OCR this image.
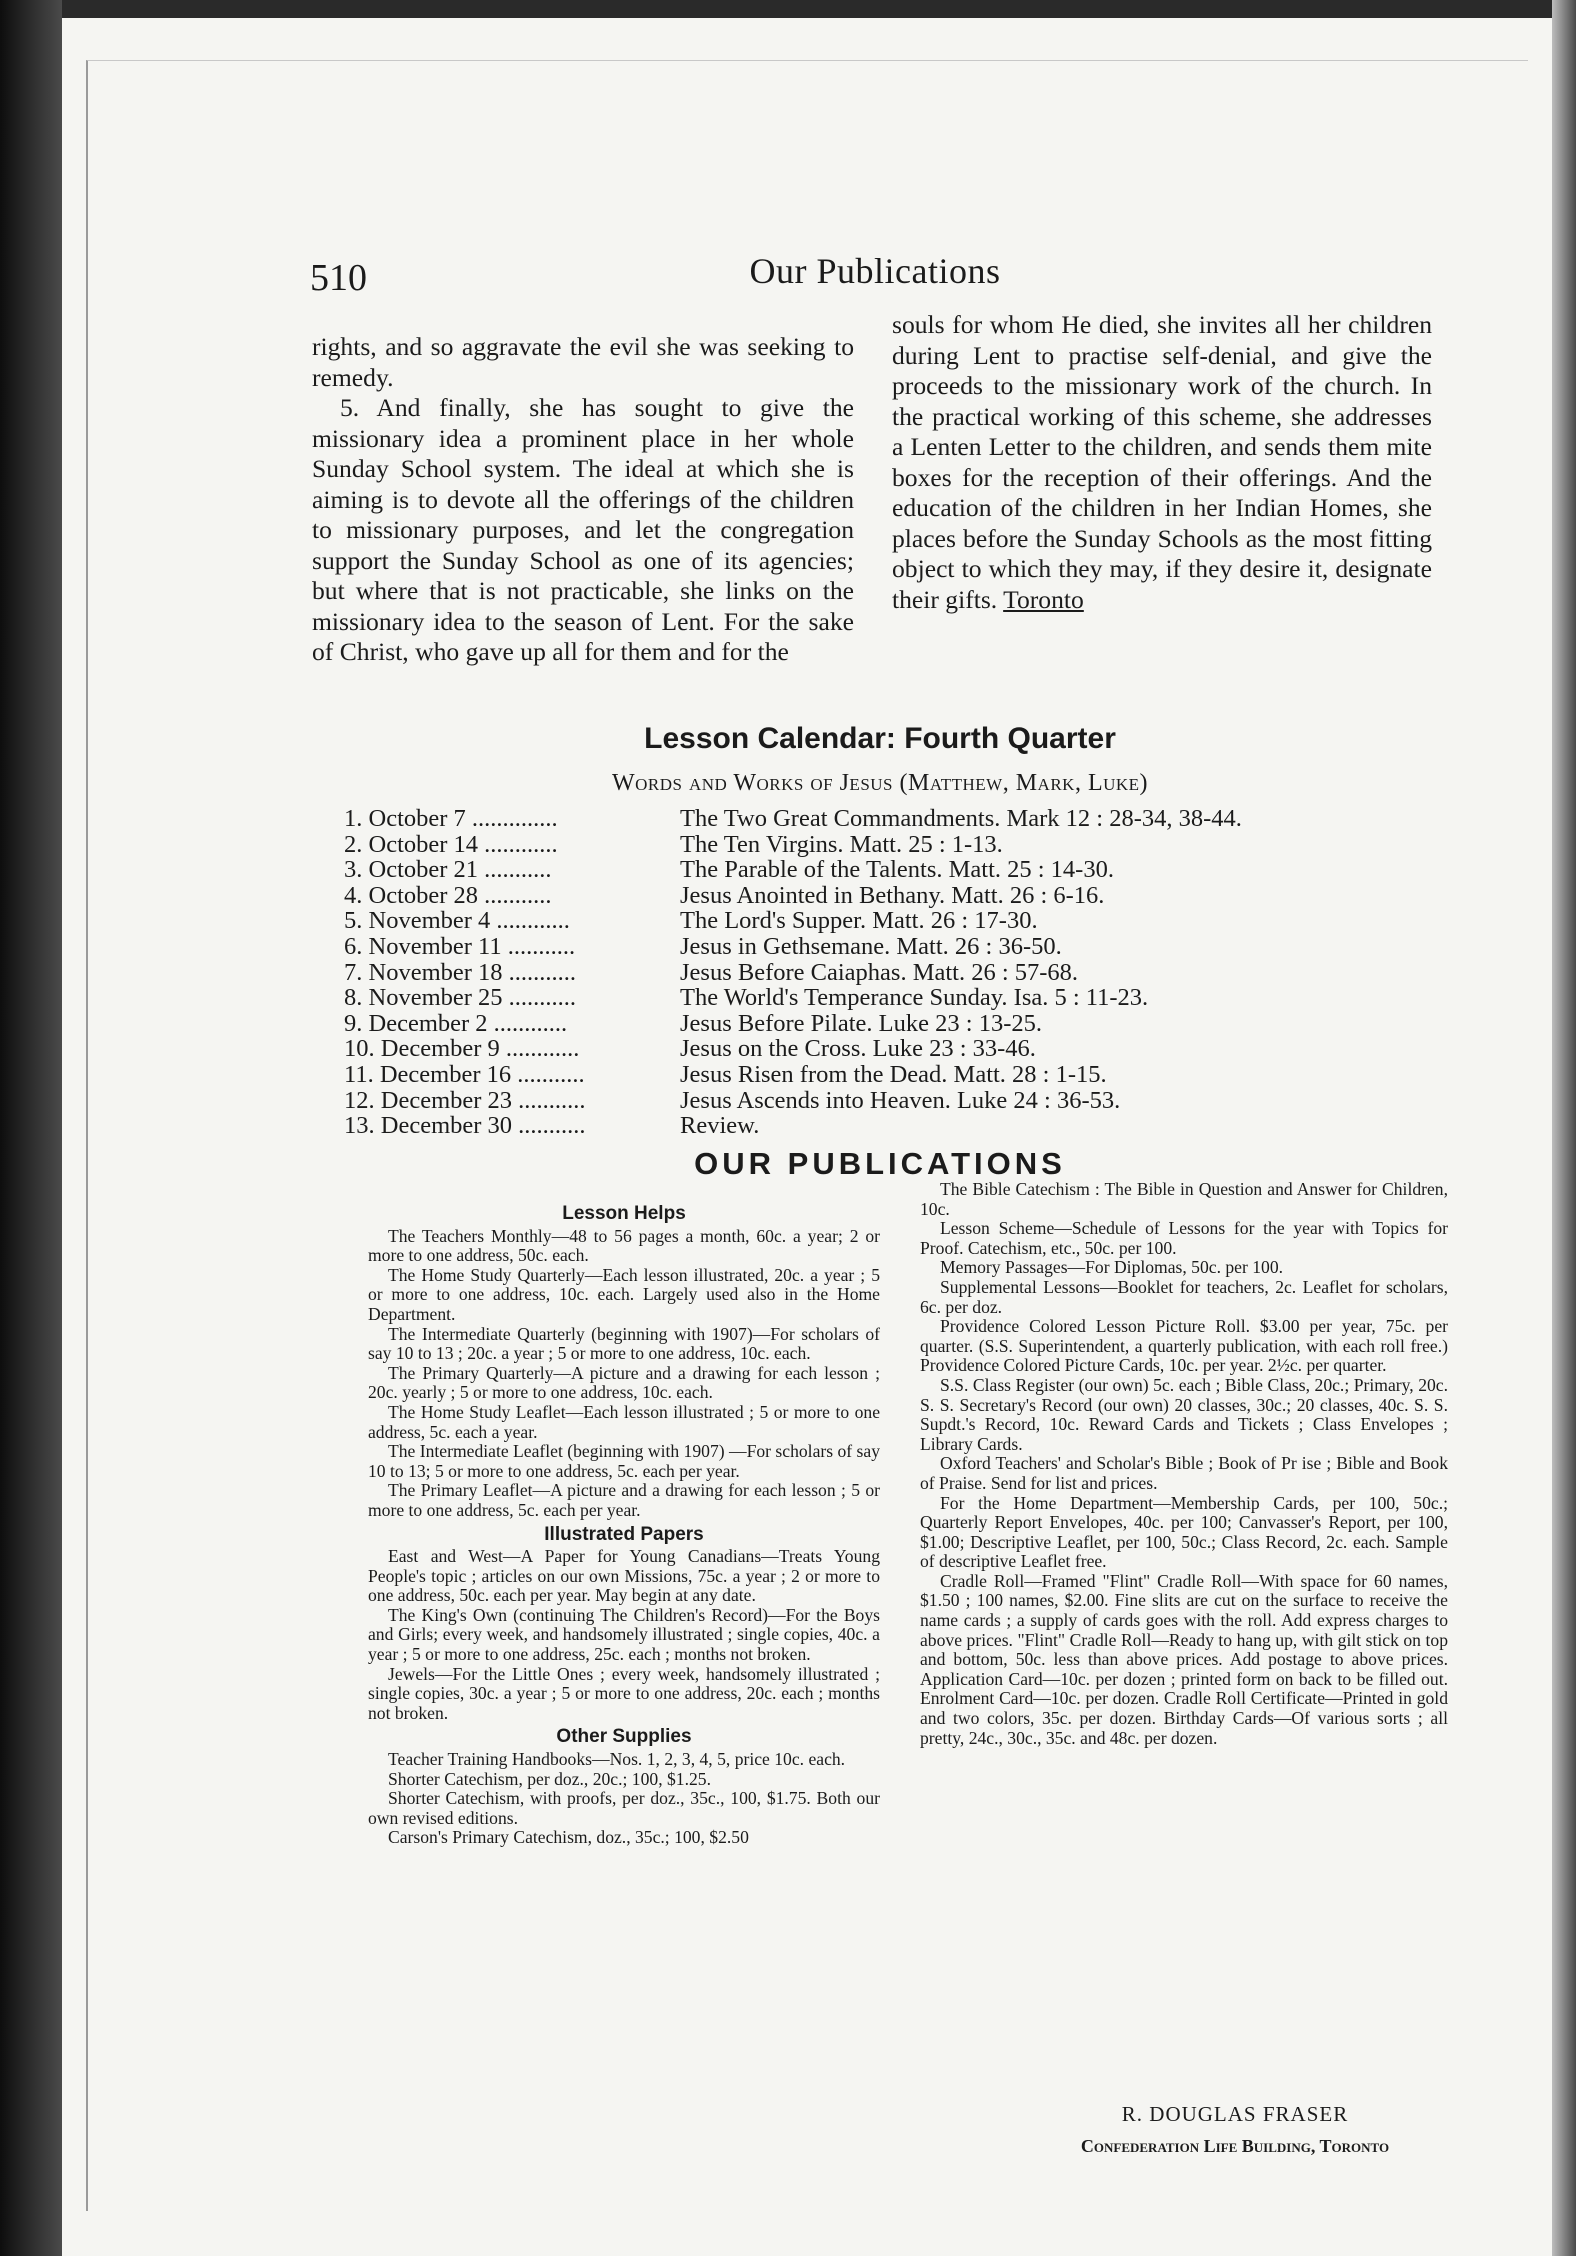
510	Our Publications

rights, and so aggravate the evil she was seeking to remedy.

5. And finally, she has sought to give the missionary idea a prominent place in her whole Sunday School system. The ideal at which she is aiming is to devote all the offerings of the children to missionary purposes, and let the congregation support the Sunday School as one of its agencies; but where that is not practicable, she links on the missionary idea to the season of Lent. For the sake of Christ, who gave up all for them and for the

souls for whom He died, she invites all her children during Lent to practise self-denial, and give the proceeds to the missionary work of the church. In the practical working of this scheme, she addresses a Lenten Letter to the children, and sends them mite boxes for the reception of their offerings. And the education of the children in her Indian Homes, she places before the Sunday Schools as the most fitting object to which they may, if they desire it, designate their gifts. Toronto

Lesson Calendar: Fourth Quarter
Words and Works of Jesus (Matthew, Mark, Luke)
1. October 7 ..............	The Two Great Commandments. Mark 12 : 28-34, 38-44.
2. October 14 ............	The Ten Virgins. Matt. 25 : 1-13.
3. October 21 ...........	The Parable of the Talents. Matt. 25 : 14-30.
4. October 28 ...........	Jesus Anointed in Bethany. Matt. 26 : 6-16.
5. November 4 ............	The Lord's Supper. Matt. 26 : 17-30.
6. November 11 ...........	Jesus in Gethsemane. Matt. 26 : 36-50.
7. November 18 ...........	Jesus Before Caiaphas. Matt. 26 : 57-68.
8. November 25 ...........	The World's Temperance Sunday. Isa. 5 : 11-23.
9. December 2 ............	Jesus Before Pilate. Luke 23 : 13-25.
10. December 9 ............	Jesus on the Cross. Luke 23 : 33-46.
11. December 16 ...........	Jesus Risen from the Dead. Matt. 28 : 1-15.
12. December 23 ...........	Jesus Ascends into Heaven. Luke 24 : 36-53.
13. December 30 ...........	Review.
OUR PUBLICATIONS
Lesson Helps

The Teachers Monthly—48 to 56 pages a month, 60c. a year; 2 or more to one address, 50c. each.

The Home Study Quarterly—Each lesson illustrated, 20c. a year ; 5 or more to one address, 10c. each. Largely used also in the Home Department.

The Intermediate Quarterly (beginning with 1907)—For scholars of say 10 to 13 ; 20c. a year ; 5 or more to one address, 10c. each.

The Primary Quarterly—A picture and a drawing for each lesson ; 20c. yearly ; 5 or more to one address, 10c. each.

The Home Study Leaflet—Each lesson illustrated ; 5 or more to one address, 5c. each a year.

The Intermediate Leaflet (beginning with 1907) —For scholars of say 10 to 13; 5 or more to one address, 5c. each per year.

The Primary Leaflet—A picture and a drawing for each lesson ; 5 or more to one address, 5c. each per year.

Illustrated Papers

East and West—A Paper for Young Canadians—Treats Young People's topic ; articles on our own Missions, 75c. a year ; 2 or more to one address, 50c. each per year. May begin at any date.

The King's Own (continuing The Children's Record)—For the Boys and Girls; every week, and handsomely illustrated ; single copies, 40c. a year ; 5 or more to one address, 25c. each ; months not broken.

Jewels—For the Little Ones ; every week, handsomely illustrated ; single copies, 30c. a year ; 5 or more to one address, 20c. each ; months not broken.

Other Supplies

Teacher Training Handbooks—Nos. 1, 2, 3, 4, 5, price 10c. each.

Shorter Catechism, per doz., 20c.; 100, $1.25.

Shorter Catechism, with proofs, per doz., 35c., 100, $1.75. Both our own revised editions.

Carson's Primary Catechism, doz., 35c.; 100, $2.50

The Bible Catechism : The Bible in Question and Answer for Children, 10c.

Lesson Scheme—Schedule of Lessons for the year with Topics for Proof. Catechism, etc., 50c. per 100.

Memory Passages—For Diplomas, 50c. per 100.

Supplemental Lessons—Booklet for teachers, 2c. Leaflet for scholars, 6c. per doz.

Providence Colored Lesson Picture Roll. $3.00 per year, 75c. per quarter. (S.S. Superintendent, a quarterly publication, with each roll free.) Providence Colored Picture Cards, 10c. per year. 2½c. per quarter.

S.S. Class Register (our own) 5c. each ; Bible Class, 20c.; Primary, 20c. S. S. Secretary's Record (our own) 20 classes, 30c.; 20 classes, 40c. S. S. Supdt.'s Record, 10c. Reward Cards and Tickets ; Class Envelopes ; Library Cards.

Oxford Teachers' and Scholar's Bible ; Book of Pr ise ; Bible and Book of Praise. Send for list and prices.

For the Home Department—Membership Cards, per 100, 50c.; Quarterly Report Envelopes, 40c. per 100; Canvasser's Report, per 100, $1.00; Descriptive Leaflet, per 100, 50c.; Class Record, 2c. each. Sample of descriptive Leaflet free.

Cradle Roll—Framed "Flint" Cradle Roll—With space for 60 names, $1.50 ; 100 names, $2.00. Fine slits are cut on the surface to receive the name cards ; a supply of cards goes with the roll. Add express charges to above prices. "Flint" Cradle Roll—Ready to hang up, with gilt stick on top and bottom, 50c. less than above prices. Add postage to above prices. Application Card—10c. per dozen ; printed form on back to be filled out. Enrolment Card—10c. per dozen. Cradle Roll Certificate—Printed in gold and two colors, 35c. per dozen. Birthday Cards—Of various sorts ; all pretty, 24c., 30c., 35c. and 48c. per dozen.

R. DOUGLAS FRASER
Confederation Life Building, Toronto
